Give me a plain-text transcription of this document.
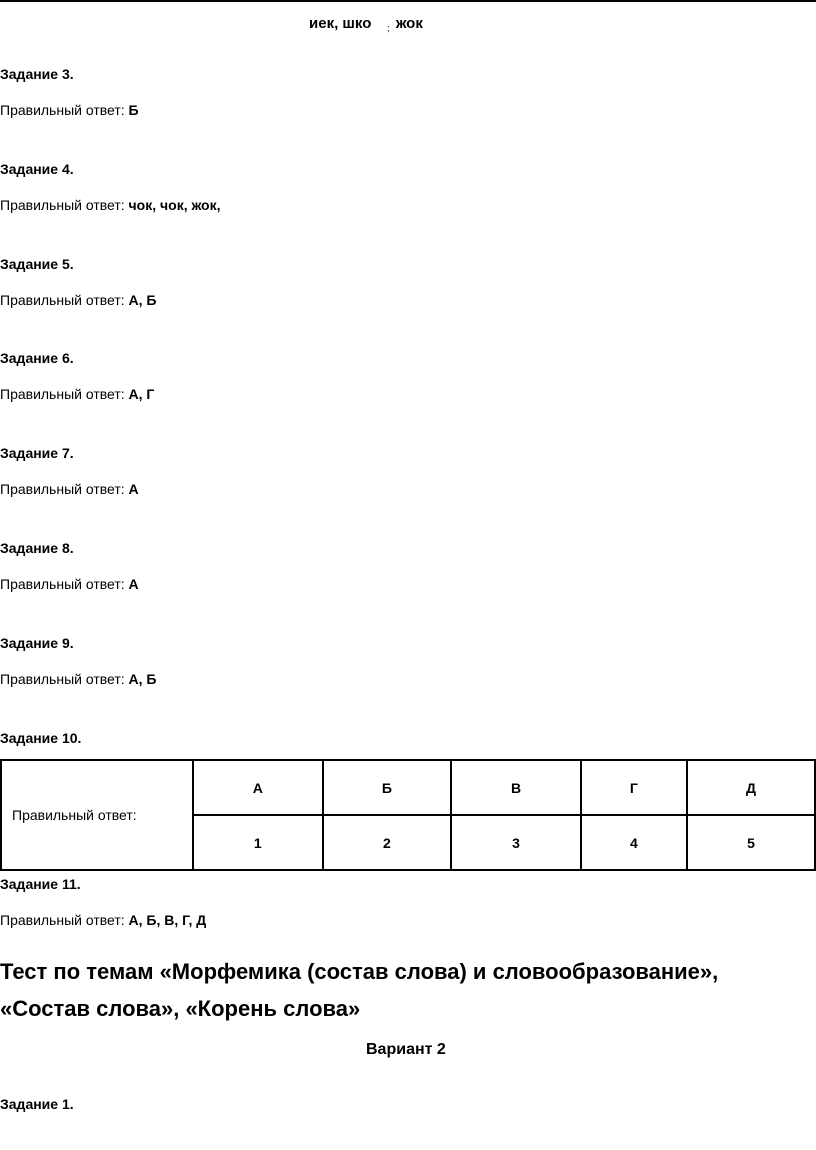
иек, шко $_;$ жок
Задание 3.
Правильный ответ: Б
Задание 4.
Правильный ответ: чок, чок, жок,
Задание 5.
Правильный ответ: А, Б
Задание 6.
Правильный ответ: А, Г
Задание 7.
Правильный ответ: А
Задание 8.
Правильный ответ: А
Задание 9.
Правильный ответ: А, Б
Задание 10.
Правильный ответ:	А	Б	В	Г	Д
	1	2	3	4	5
Задание 11.
Правильный ответ: А, Б, В, Г, Д
Тест по темам «Морфемика (состав слова) и словообразование», «Состав слова», «Корень слова»
Вариант 2
Задание 1.
